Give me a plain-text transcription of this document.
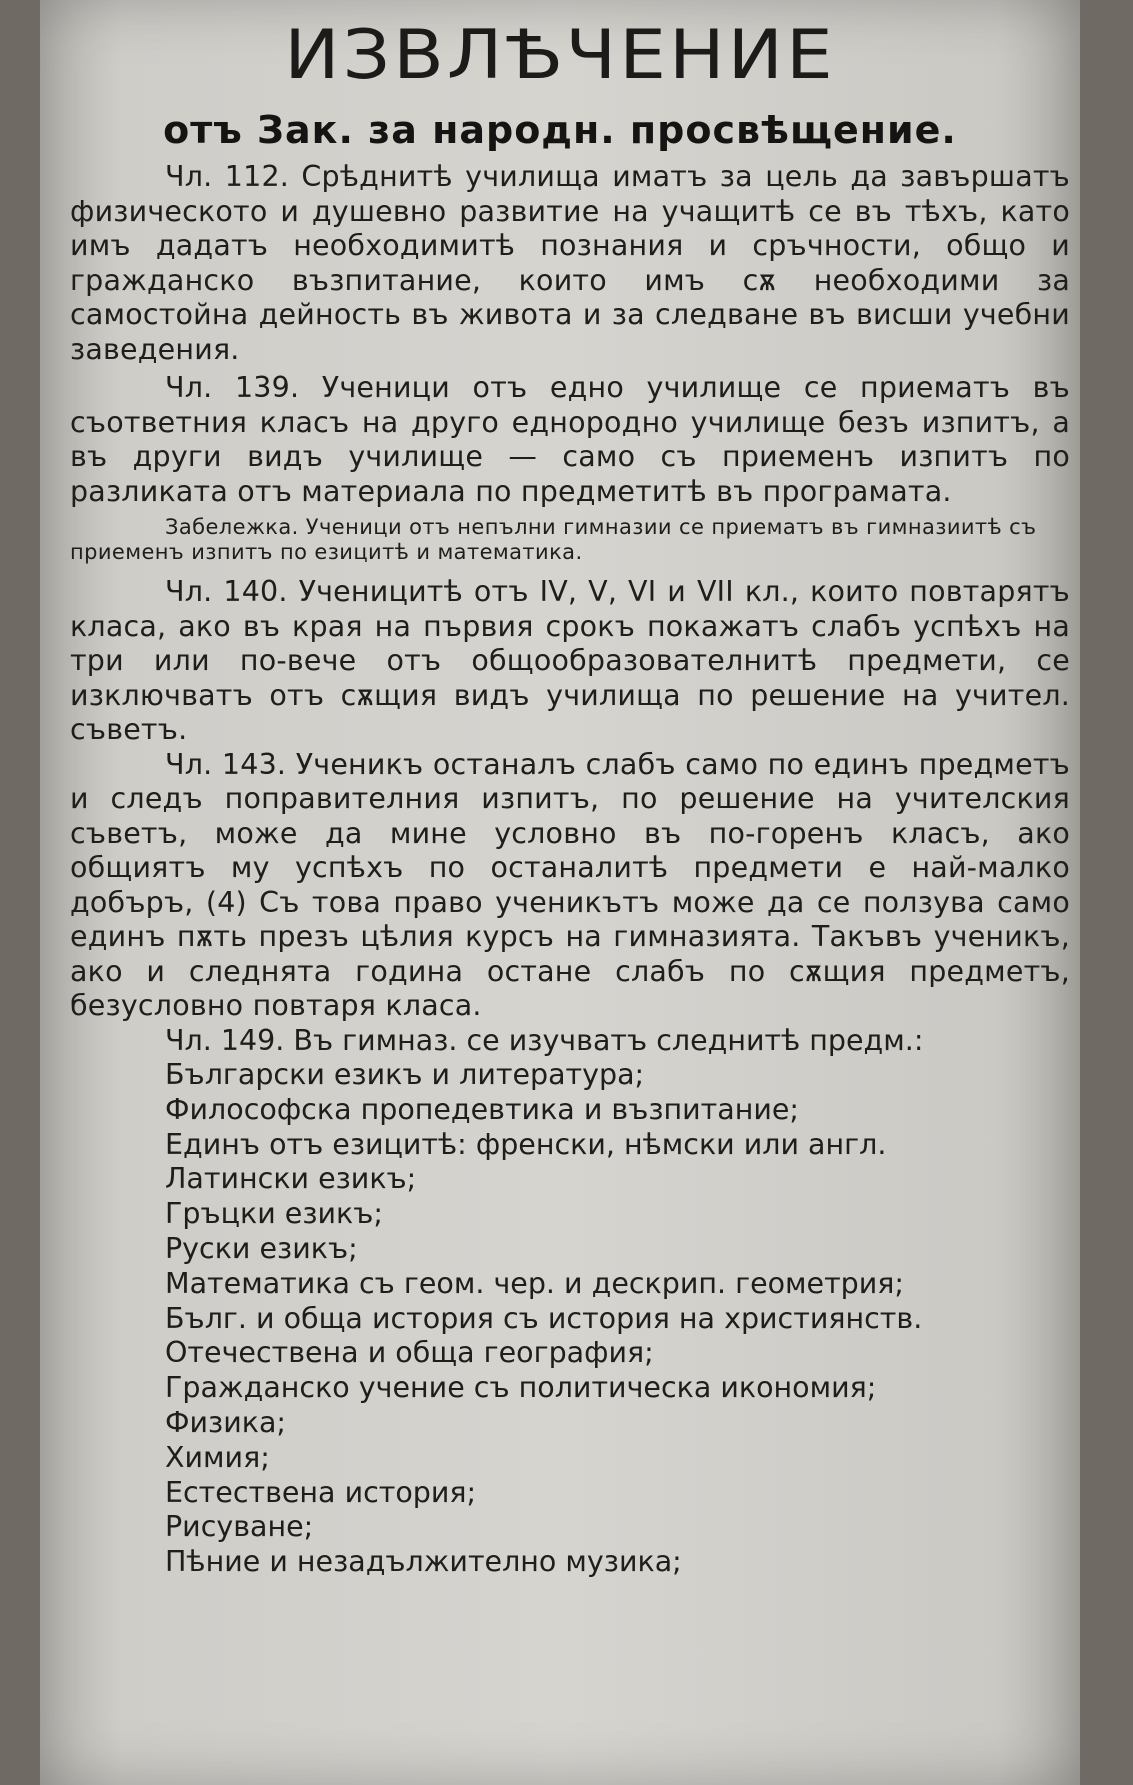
ИЗВЛѢЧЕНИЕ
отъ Зак. за народн. просвѣщение.

Чл. 112. Срѣднитѣ училища иматъ за цель да завършатъ физическото и душевно развитие на учащитѣ се въ тѣхъ, като имъ дадатъ необходимитѣ познания и сръчности, общо и гражданско възпитание, които имъ сѫ необходими за самостойна дейность въ живота и за следване въ висши учебни заведения.

Чл. 139. Ученици отъ едно училище се приематъ въ съответния класъ на друго еднородно училище безъ изпитъ, а въ други видъ училище — само съ приеменъ изпитъ по разликата отъ материала по предметитѣ въ програмата.

Забележка. Ученици отъ непълни гимназии се приематъ въ гимназиитѣ съ приеменъ изпитъ по езицитѣ и математика.

Чл. 140. Ученицитѣ отъ IV, V, VI и VII кл., които повтарятъ класа, ако въ края на първия срокъ покажатъ слабъ успѣхъ на три или по-вече отъ общообразователнитѣ предмети, се изключватъ отъ сѫщия видъ училища по решение на учител. съветъ.

Чл. 143. Ученикъ останалъ слабъ само по единъ предметъ и следъ поправителния изпитъ, по решение на учителския съветъ, може да мине условно въ по-горенъ класъ, ако общиятъ му успѣхъ по останалитѣ предмети е най-малко добъръ, (4) Съ това право ученикътъ може да се ползува само единъ пѫть презъ цѣлия курсъ на гимназията. Такъвъ ученикъ, ако и следнята година остане слабъ по сѫщия предметъ, безусловно повтаря класа.

Чл. 149. Въ гимназ. се изучватъ следнитѣ предм.:

Български езикъ и литература;
Философска пропедевтика и възпитание;
Единъ отъ езицитѣ: френски, нѣмски или англ.
Латински езикъ;
Гръцки езикъ;
Руски езикъ;
Математика съ геом. чер. и дескрип. геометрия;
Бълг. и обща история съ история на християнств.
Отечествена и обща география;
Гражданско учение съ политическа икономия;
Физика;
Химия;
Естествена история;
Рисуване;
Пѣние и незадължително музика;
